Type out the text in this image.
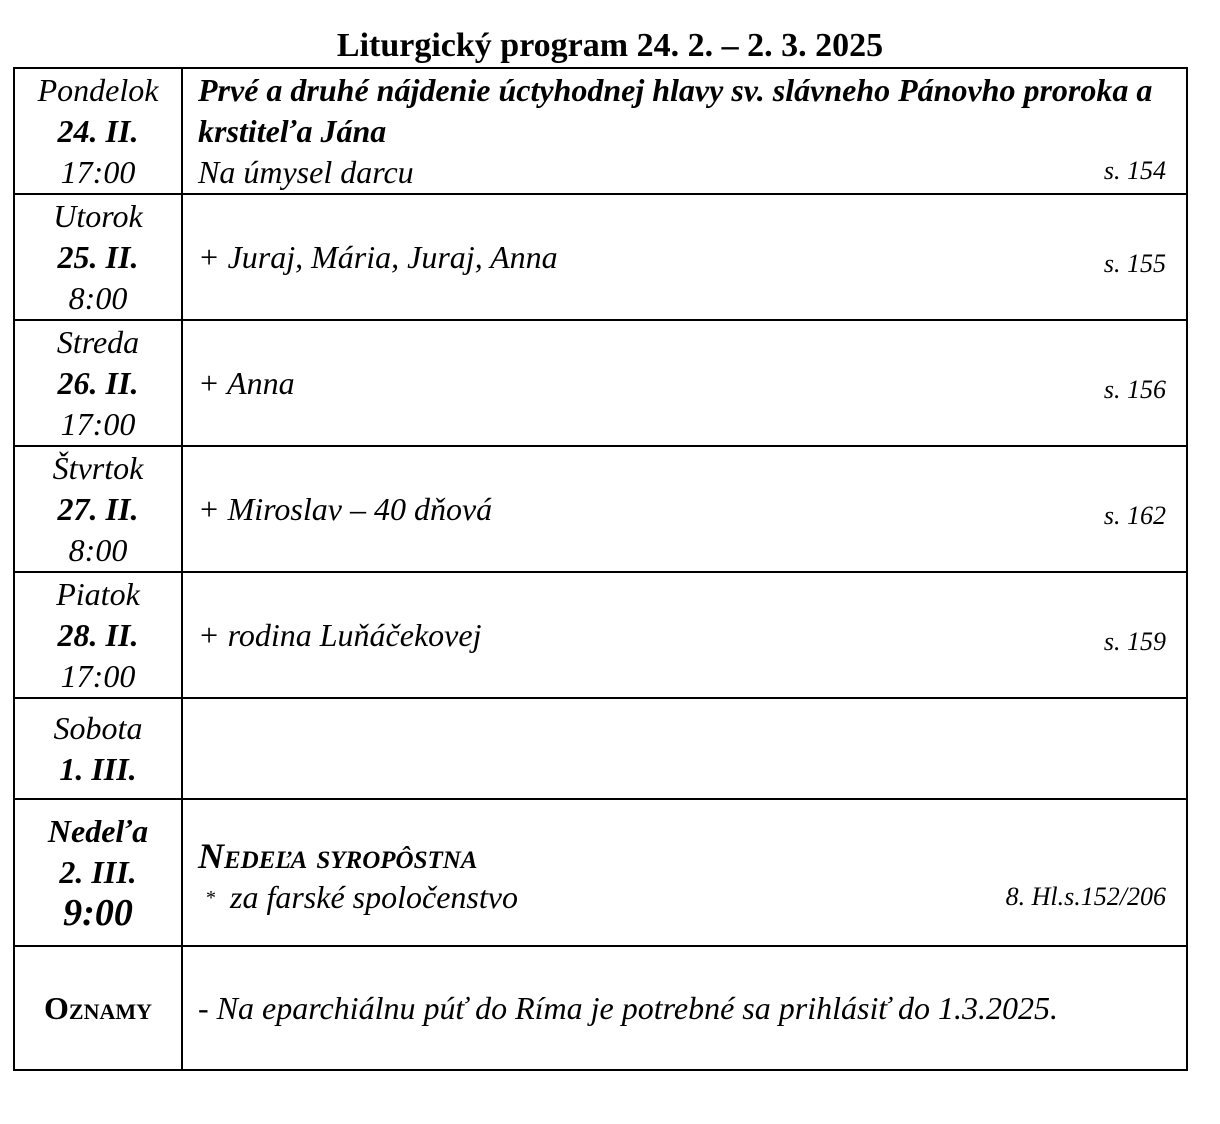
Liturgický program 24. 2. – 2. 3. 2025
Pondelok
24. II.
17:00	Prvé a druhé nájdenie úctyhodnej hlavy sv. slávneho Pánovho proroka a krstiteľa Jána
Na úmysel darcu s. 154

Utorok
25. II.
8:00	+ Juraj, Mária, Juraj, Anna s. 155

Streda
26. II.
17:00	+ Anna s. 156

Štvrtok
27. II.
8:00	+ Miroslav – 40 dňová s. 162

Piatok
28. II.
17:00	+ rodina Luňáčekovej s. 159

Sobota
1. III.	

Nedeľa
2. III.
9:00	Nedeľa syropôstna
* za farské spoločenstvo 8. Hl.s.152/206

Oznamy	- Na eparchiálnu púť do Ríma je potrebné sa prihlásiť do 1.3.2025.
